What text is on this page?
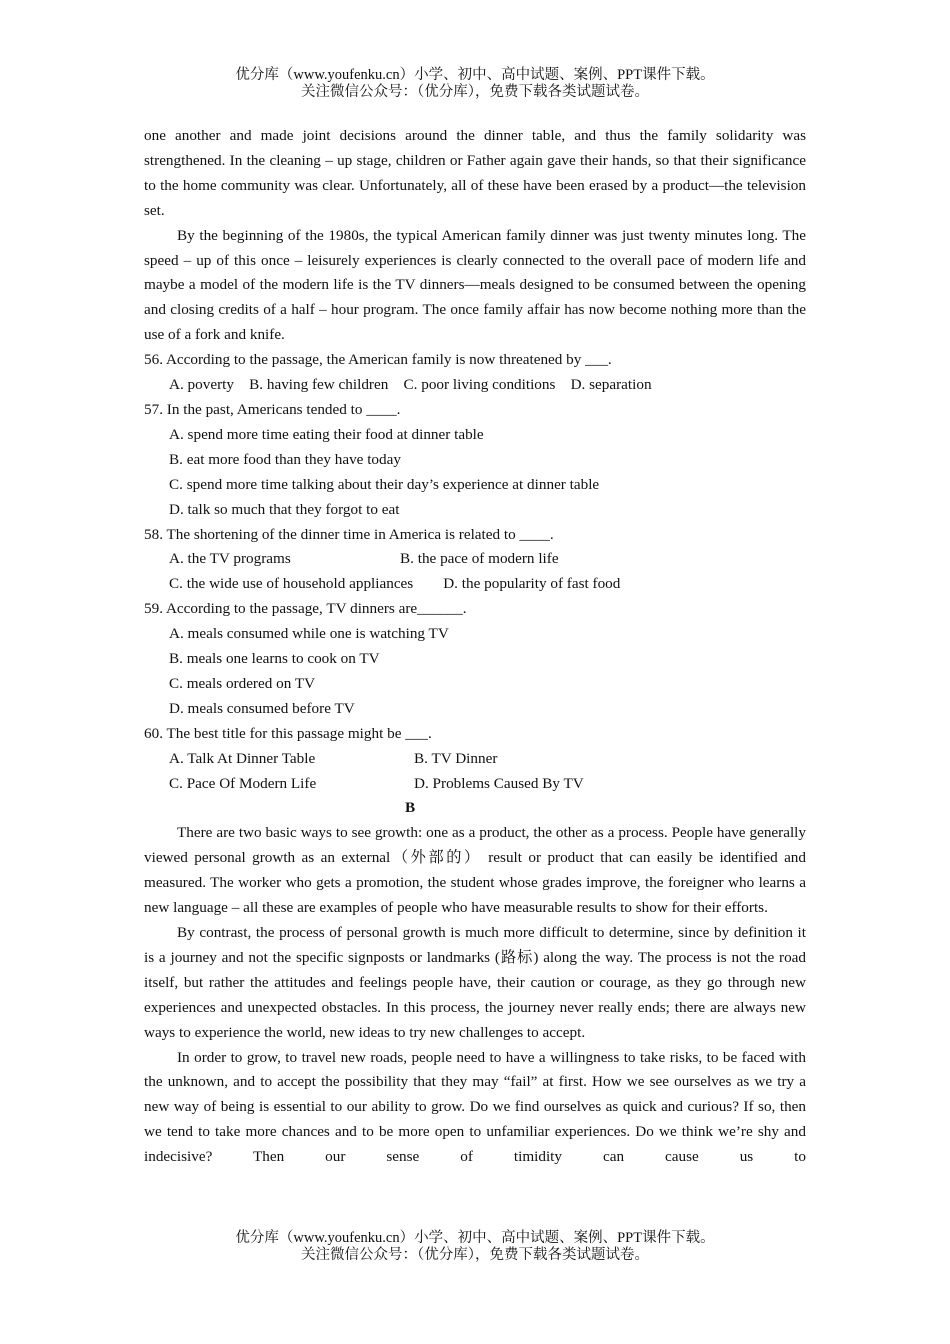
优分库（www.youfenku.cn）小学、初中、高中试题、案例、PPT课件下载。
关注微信公众号：（优分库），免费下载各类试题试卷。

one another and made joint decisions around the dinner table, and thus the family solidarity was strengthened. In the cleaning – up stage, children or Father again gave their hands, so that their significance to the home community was clear. Unfortunately, all of these have been erased by a product—the television set.

By the beginning of the 1980s, the typical American family dinner was just twenty minutes long. The speed – up of this once – leisurely experiences is clearly connected to the overall pace of modern life and maybe a model of the modern life is the TV dinners—meals designed to be consumed between the opening and closing credits of a half – hour program. The once family affair has now become nothing more than the use of a fork and knife.

56. According to the passage, the American family is now threatened by ___.

A. poverty    B. having few children    C. poor living conditions    D. separation

57. In the past, Americans tended to ____.

A. spend more time eating their food at dinner table

B. eat more food than they have today

C. spend more time talking about their day’s experience at dinner table

D. talk so much that they forgot to eat

58. The shortening of the dinner time in America is related to ____.

A. the TV programs	B. the pace of modern life

C. the wide use of household appliances D. the popularity of fast food

59. According to the passage, TV dinners are______.

A. meals consumed while one is watching TV

B. meals one learns to cook on TV

C. meals ordered on TV

D. meals consumed before TV

60. The best title for this passage might be ___.

A. Talk At Dinner Table	B. TV Dinner

C. Pace Of Modern Life	D. Problems Caused By TV

B

There are two basic ways to see growth: one as a product, the other as a process. People have generally viewed personal growth as an external（外部的） result or product that can easily be identified and measured. The worker who gets a promotion, the student whose grades improve, the foreigner who learns a new language – all these are examples of people who have measurable results to show for their efforts.

By contrast, the process of personal growth is much more difficult to determine, since by definition it is a journey and not the specific signposts or landmarks (路标) along the way. The process is not the road itself, but rather the attitudes and feelings people have, their caution or courage, as they go through new experiences and unexpected obstacles. In this process, the journey never really ends; there are always new ways to experience the world, new ideas to try new challenges to accept.

In order to grow, to travel new roads, people need to have a willingness to take risks, to be faced with the unknown, and to accept the possibility that they may “fail” at first. How we see ourselves as we try a new way of being is essential to our ability to grow. Do we find ourselves as quick and curious? If so, then we tend to take more chances and to be more open to unfamiliar experiences. Do we think we’re shy and indecisive? Then our sense of timidity can cause us to

优分库（www.youfenku.cn）小学、初中、高中试题、案例、PPT课件下载。
关注微信公众号：（优分库），免费下载各类试题试卷。
